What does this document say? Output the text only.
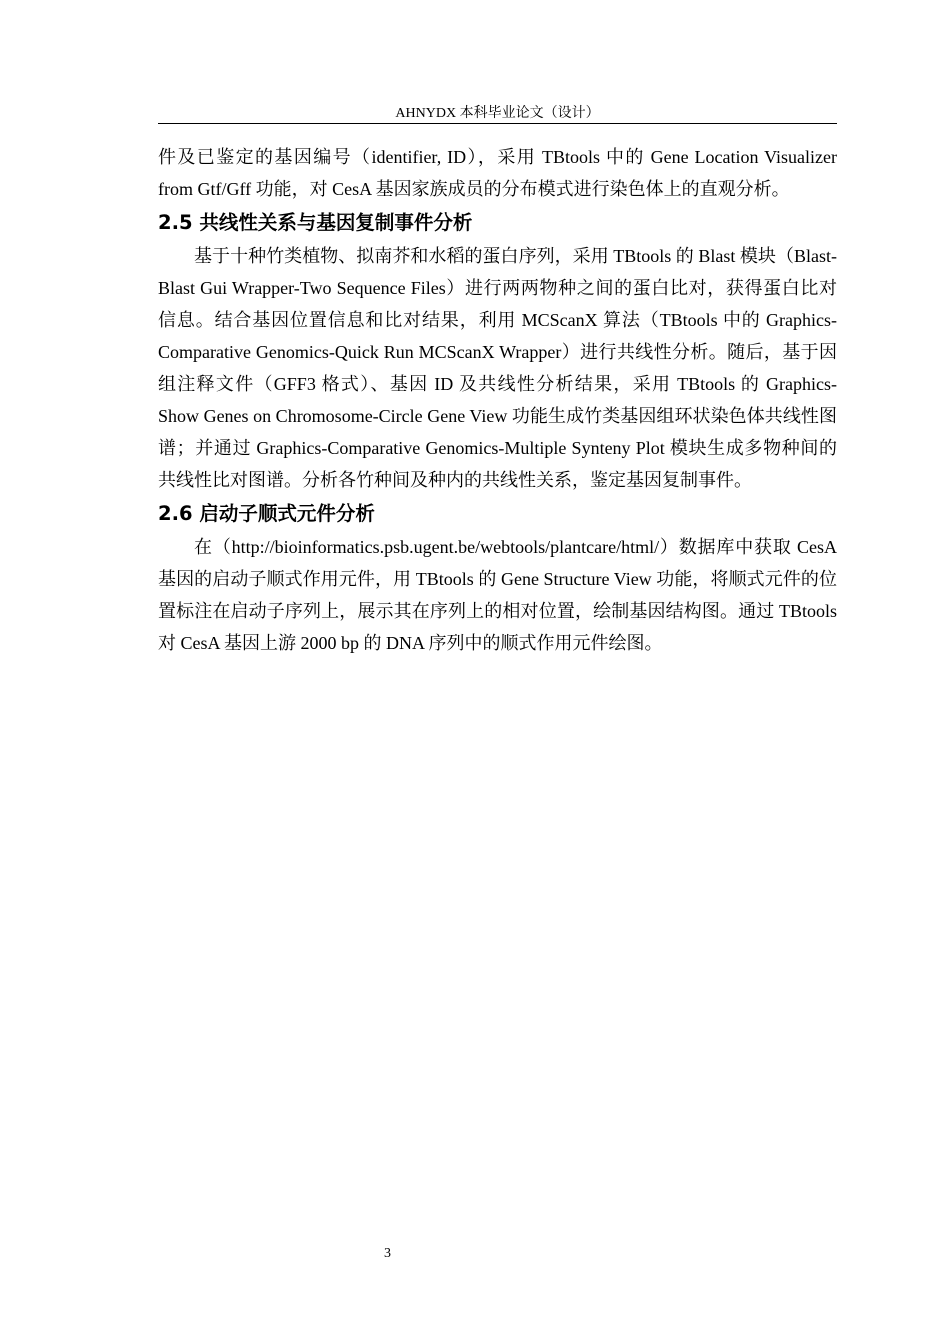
AHNYDX 本科毕业论文（设计）

件及已鉴定的基因编号（identifier, ID），采用 TBtools 中的 Gene Location Visualizer from Gtf/Gff 功能，对 CesA 基因家族成员的分布模式进行染色体上的直观分析。

2.5 共线性关系与基因复制事件分析

基于十种竹类植物、拟南芥和水稻的蛋白序列，采用 TBtools 的 Blast 模块（Blast-Blast Gui Wrapper-Two Sequence Files）进行两两物种之间的蛋白比对，获得蛋白比对信息。结合基因位置信息和比对结果，利用 MCScanX 算法（TBtools 中的 Graphics-Comparative Genomics-Quick Run MCScanX Wrapper）进行共线性分析。随后，基于因组注释文件（GFF3 格式）、基因 ID 及共线性分析结果，采用 TBtools 的 Graphics-Show Genes on Chromosome-Circle Gene View 功能生成竹类基因组环状染色体共线性图谱；并通过 Graphics-Comparative Genomics-Multiple Synteny Plot 模块生成多物种间的共线性比对图谱。分析各竹种间及种内的共线性关系，鉴定基因复制事件。

2.6 启动子顺式元件分析

在（http://bioinformatics.psb.ugent.be/webtools/plantcare/html/）数据库中获取 CesA 基因的启动子顺式作用元件，用 TBtools 的 Gene Structure View 功能，将顺式元件的位置标注在启动子序列上，展示其在序列上的相对位置，绘制基因结构图。通过 TBtools 对 CesA 基因上游 2000 bp 的 DNA 序列中的顺式作用元件绘图。

3
